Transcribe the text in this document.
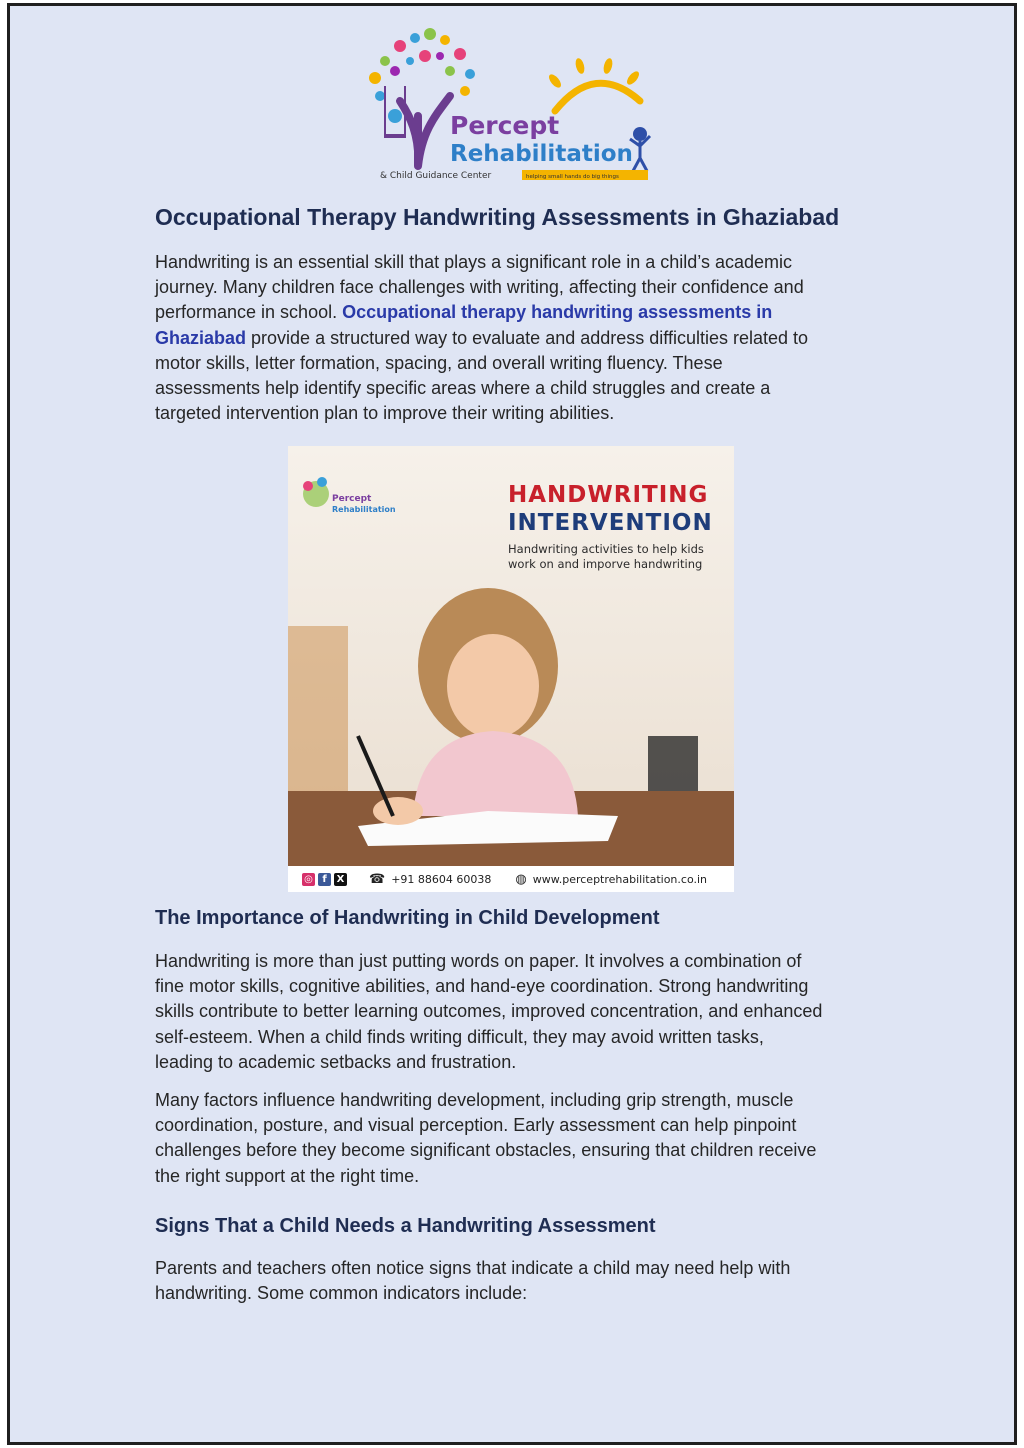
Percept
Rehabilitation
& Child Guidance Center	helping small hands do big things
Occupational Therapy Handwriting Assessments in Ghaziabad

Handwriting is an essential skill that plays a significant role in a child’s academic

journey. Many children face challenges with writing, affecting their confidence and

performance in school. Occupational therapy handwriting assessments in

Ghaziabad provide a structured way to evaluate and address difficulties related to

motor skills, letter formation, spacing, and overall writing fluency. These

assessments help identify specific areas where a child struggles and create a

targeted intervention plan to improve their writing abilities.

Percept
Rehabilitation
HANDWRITING
INTERVENTION
Handwriting activities to help kids
work on and imporve handwriting
◎ f X ☎ +91 88604 60038 ◍ www.perceptrehabilitation.co.in
The Importance of Handwriting in Child Development

Handwriting is more than just putting words on paper. It involves a combination of

fine motor skills, cognitive abilities, and hand-eye coordination. Strong handwriting

skills contribute to better learning outcomes, improved concentration, and enhanced

self-esteem. When a child finds writing difficult, they may avoid written tasks,

leading to academic setbacks and frustration.

Many factors influence handwriting development, including grip strength, muscle

coordination, posture, and visual perception. Early assessment can help pinpoint

challenges before they become significant obstacles, ensuring that children receive

the right support at the right time.

Signs That a Child Needs a Handwriting Assessment

Parents and teachers often notice signs that indicate a child may need help with

handwriting. Some common indicators include:
